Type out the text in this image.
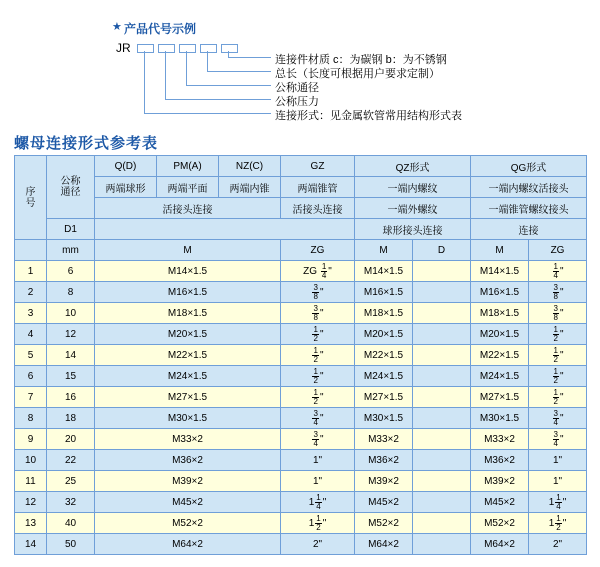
★ 产品代号示例
JR
连接件材质 c：为碳钢 b：为不锈钢
总长（长度可根据用户要求定制）
公称通径
公称压力
连接形式：见金属软管常用结构形式表
螺母连接形式参考表
序号	公称通径	Q(D)	PM(A)	NZ(C)	GZ	QZ形式		QG形式	
		两端球形	两端平面	两端内锥	两端锥管	一端内螺纹		一端内螺纹活接头	
		活接头连接			活接头连接	一端外螺纹		一端锥管螺纹接头	
	D1					球形接头连接		连接	
	mm	M			ZG	M	D	M	ZG
1	6	M14×1.5			ZG $\frac{1}{4}$ "	M14×1.5		M14×1.5	$\frac{1}{4}$ "
2	8	M16×1.5			$\frac{3}{8}$ "	M16×1.5		M16×1.5	$\frac{3}{8}$ "
3	10	M18×1.5			$\frac{3}{8}$ "	M18×1.5		M18×1.5	$\frac{3}{8}$ "
4	12	M20×1.5			$\frac{1}{2}$ "	M20×1.5		M20×1.5	$\frac{1}{2}$ "
5	14	M22×1.5			$\frac{1}{2}$ "	M22×1.5		M22×1.5	$\frac{1}{2}$ "
6	15	M24×1.5			$\frac{1}{2}$ "	M24×1.5		M24×1.5	$\frac{1}{2}$ "
7	16	M27×1.5			$\frac{1}{2}$ "	M27×1.5		M27×1.5	$\frac{1}{2}$ "
8	18	M30×1.5			$\frac{3}{4}$ "	M30×1.5		M30×1.5	$\frac{3}{4}$ "
9	20	M33×2			$\frac{3}{4}$ "	M33×2		M33×2	$\frac{3}{4}$ "
10	22	M36×2			1"	M36×2		M36×2	1"
11	25	M39×2			1"	M39×2		M39×2	1"
12	32	M45×2			$1 \frac{1}{4}$ "	M45×2		M45×2	$1 \frac{1}{4}$ "
13	40	M52×2			$1 \frac{1}{2}$ "	M52×2		M52×2	$1 \frac{1}{2}$ "
14	50	M64×2			2"	M64×2		M64×2	2"
